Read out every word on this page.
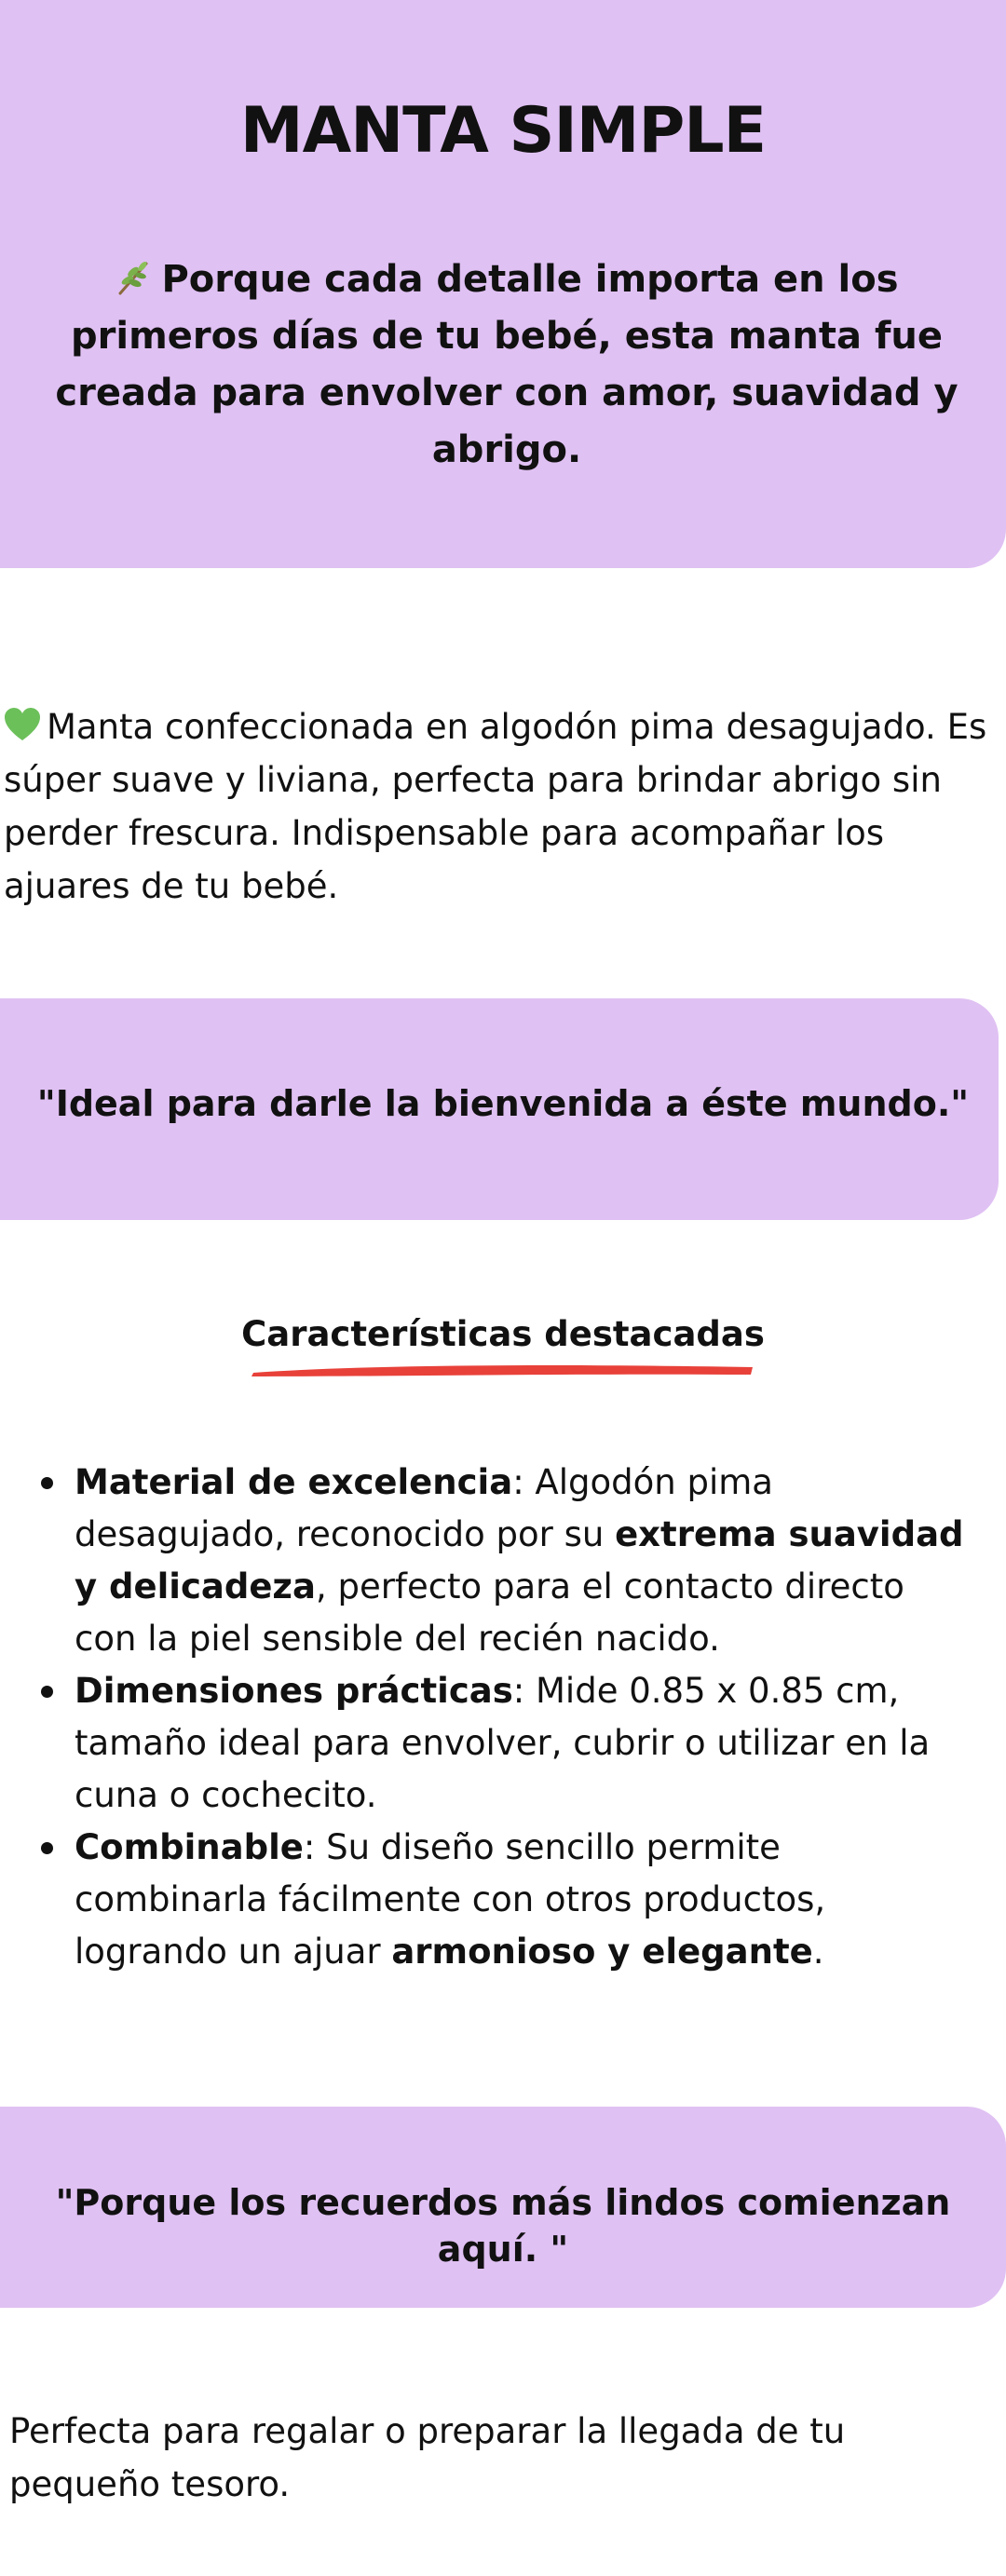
MANTA SIMPLE
Porque cada detalle importa en los primeros días de tu bebé, esta manta fue creada para envolver con amor, suavidad y abrigo.
Manta confeccionada en algodón pima desagujado. Es súper suave y liviana, perfecta para brindar abrigo sin perder frescura. Indispensable para acompañar los ajuares de tu bebé.
"Ideal para darle la bienvenida a éste mundo."
Características destacadas
Material de excelencia: Algodón pima desagujado, reconocido por su extrema suavidad y delicadeza, perfecto para el contacto directo con la piel sensible del recién nacido.
Dimensiones prácticas: Mide 0.85 x 0.85 cm, tamaño ideal para envolver, cubrir o utilizar en la cuna o cochecito.
Combinable: Su diseño sencillo permite combinarla fácilmente con otros productos, logrando un ajuar armonioso y elegante.
"Porque los recuerdos más lindos comienzan aquí. "
Perfecta para regalar o preparar la llegada de tu pequeño tesoro.
